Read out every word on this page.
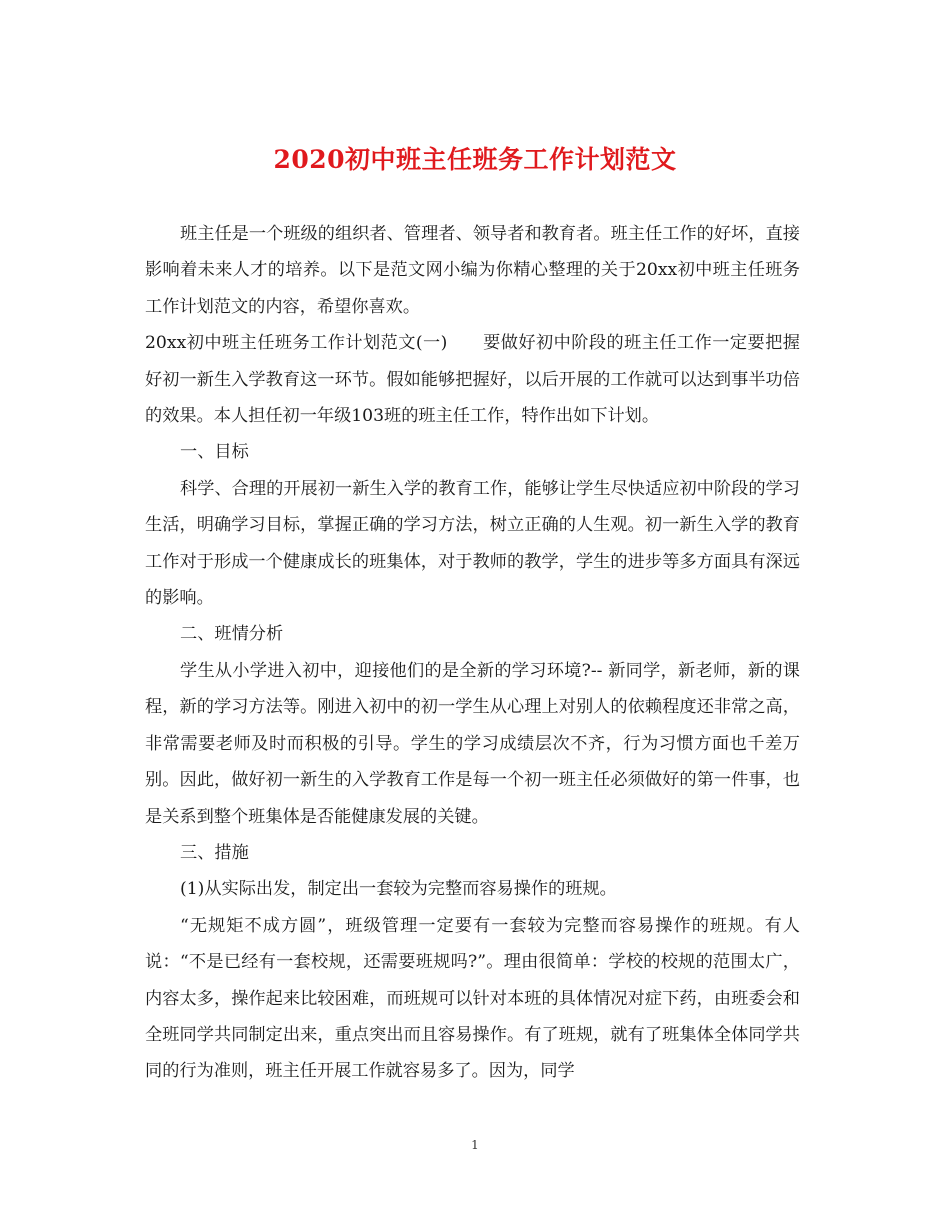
2020初中班主任班务工作计划范文

班主任是一个班级的组织者、管理者、领导者和教育者。班主任工作的好坏，直接影响着未来人才的培养。以下是范文网小编为你精心整理的关于20xx初中班主任班务工作计划范文的内容，希望你喜欢。

20xx初中班主任班务工作计划范文(一)　　要做好初中阶段的班主任工作一定要把握好初一新生入学教育这一环节。假如能够把握好，以后开展的工作就可以达到事半功倍的效果。本人担任初一年级103班的班主任工作，特作出如下计划。

一、目标

科学、合理的开展初一新生入学的教育工作，能够让学生尽快适应初中阶段的学习生活，明确学习目标，掌握正确的学习方法，树立正确的人生观。初一新生入学的教育工作对于形成一个健康成长的班集体，对于教师的教学，学生的进步等多方面具有深远的影响。

二、班情分析

学生从小学进入初中，迎接他们的是全新的学习环境?-- 新同学，新老师，新的课程，新的学习方法等。刚进入初中的初一学生从心理上对别人的依赖程度还非常之高，非常需要老师及时而积极的引导。学生的学习成绩层次不齐，行为习惯方面也千差万别。因此，做好初一新生的入学教育工作是每一个初一班主任必须做好的第一件事，也是关系到整个班集体是否能健康发展的关键。

三、措施

(1)从实际出发，制定出一套较为完整而容易操作的班规。

“无规矩不成方圆”，班级管理一定要有一套较为完整而容易操作的班规。有人说：“不是已经有一套校规，还需要班规吗?”。理由很简单：学校的校规的范围太广，内容太多，操作起来比较困难，而班规可以针对本班的具体情况对症下药，由班委会和全班同学共同制定出来，重点突出而且容易操作。有了班规，就有了班集体全体同学共同的行为准则，班主任开展工作就容易多了。因为，同学

1
